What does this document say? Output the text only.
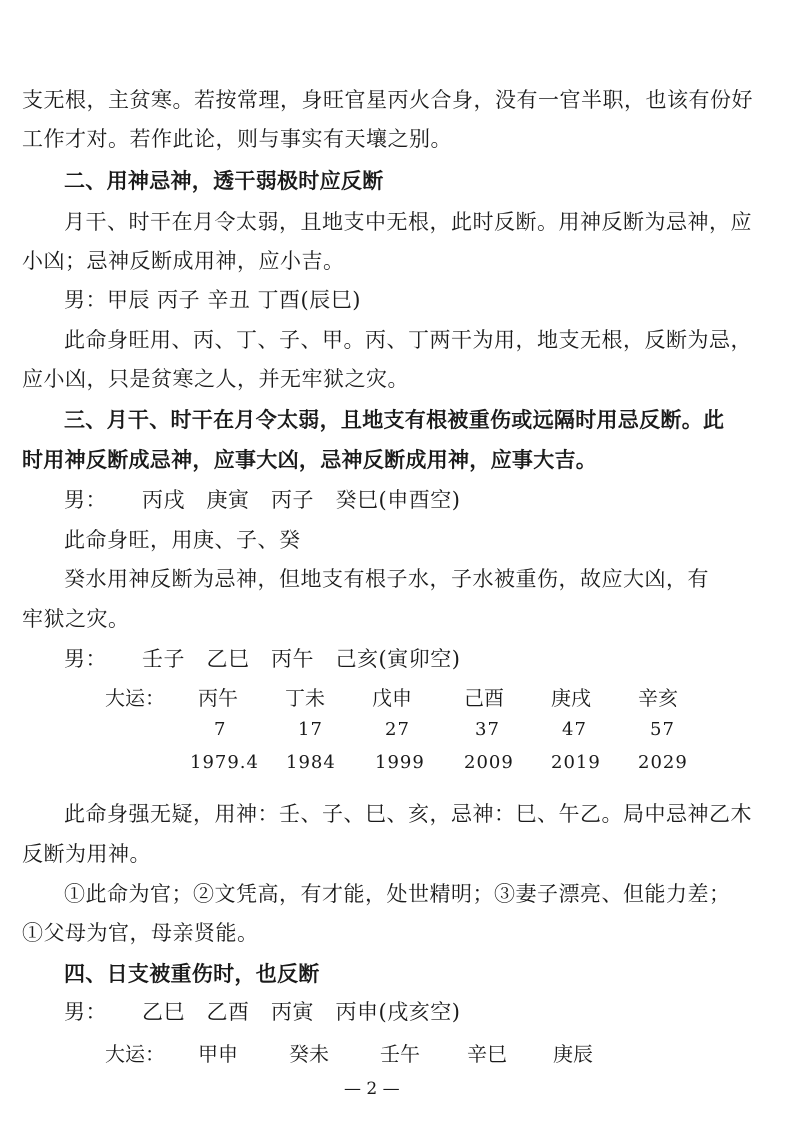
支无根，主贫寒。若按常理，身旺官星丙火合身，没有一官半职，也该有份好
工作才对。若作此论，则与事实有天壤之别。
二、用神忌神，透干弱极时应反断
月干、时干在月令太弱，且地支中无根，此时反断。用神反断为忌神，应
小凶；忌神反断成用神，应小吉。
男：甲辰 丙子 辛丑 丁酉(辰巳)
此命身旺用、丙、丁、子、甲。丙、丁两干为用，地支无根，反断为忌，
应小凶，只是贫寒之人，并无牢狱之灾。
三、月干、时干在月令太弱，且地支有根被重伤或远隔时用忌反断。此
时用神反断成忌神，应事大凶，忌神反断成用神，应事大吉。
男： 丙戌　庚寅　丙子　癸巳(申酉空)
此命身旺，用庚、子、癸
癸水用神反断为忌神，但地支有根子水，子水被重伤，故应大凶，有
牢狱之灾。
男： 壬子　乙巳　丙午　己亥(寅卯空)
大运： 丙午 丁未 戊申	己酉 庚戌 辛亥
7	17	27	37	47	57
1979.4 1984 1999 2009 2019 2029
此命身强无疑，用神：壬、子、巳、亥，忌神：巳、午乙。局中忌神乙木
反断为用神。
①此命为官；②文凭高，有才能，处世精明；③妻子漂亮、但能力差；
①父母为官，母亲贤能。
四、日支被重伤时，也反断
男： 乙巳　乙酉　丙寅　丙申(戌亥空)
大运： 甲申	癸未	壬午 辛巳 庚辰
— 2 —
